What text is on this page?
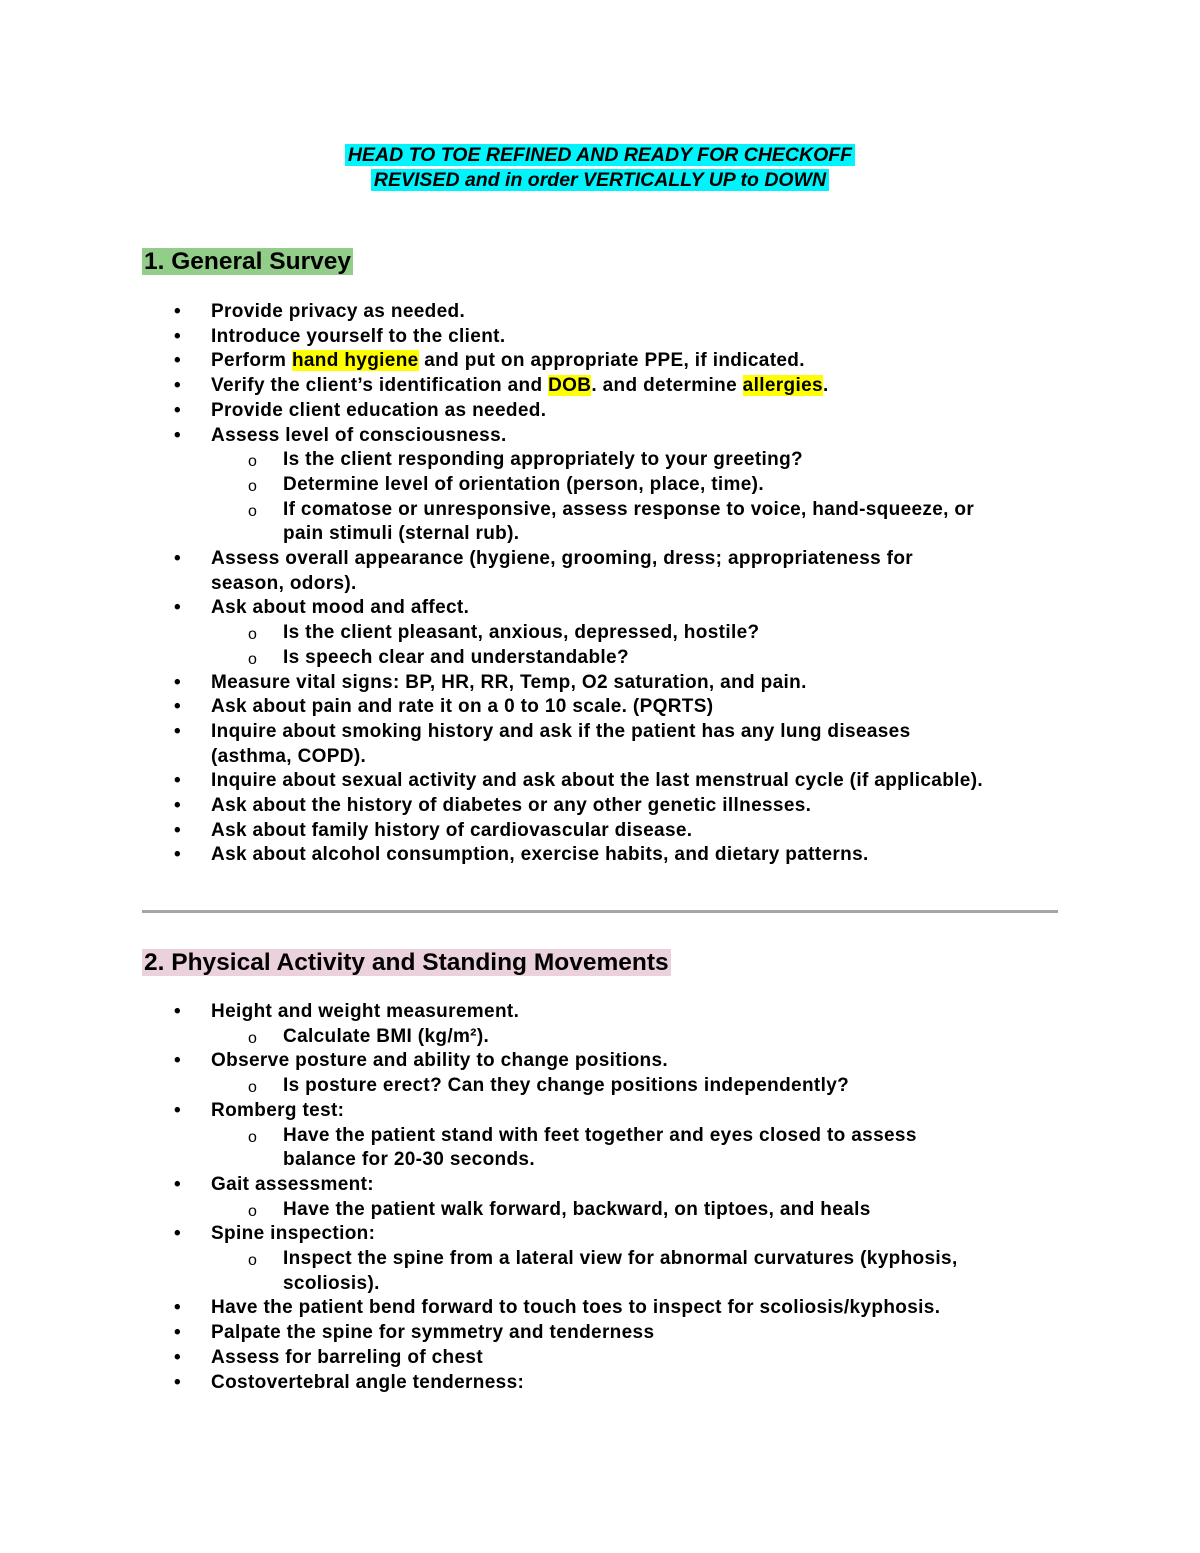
HEAD TO TOE REFINED AND READY FOR CHECKOFF
REVISED and in order VERTICALLY UP to DOWN
1. General Survey
• Provide privacy as needed.
• Introduce yourself to the client.
• Perform hand hygiene and put on appropriate PPE, if indicated.
• Verify the client’s identification and DOB. and determine allergies.
• Provide client education as needed.
• Assess level of consciousness.
o Is the client responding appropriately to your greeting?
o Determine level of orientation (person, place, time).
o If comatose or unresponsive, assess response to voice, hand-squeeze, or
pain stimuli (sternal rub).
• Assess overall appearance (hygiene, grooming, dress; appropriateness for
season, odors).
• Ask about mood and affect.
o Is the client pleasant, anxious, depressed, hostile?
o Is speech clear and understandable?
• Measure vital signs: BP, HR, RR, Temp, O2 saturation, and pain.
• Ask about pain and rate it on a 0 to 10 scale. (PQRTS)
• Inquire about smoking history and ask if the patient has any lung diseases
(asthma, COPD).
• Inquire about sexual activity and ask about the last menstrual cycle (if applicable).
• Ask about the history of diabetes or any other genetic illnesses.
• Ask about family history of cardiovascular disease.
• Ask about alcohol consumption, exercise habits, and dietary patterns.
2. Physical Activity and Standing Movements
• Height and weight measurement.
o Calculate BMI (kg/m²).
• Observe posture and ability to change positions.
o Is posture erect? Can they change positions independently?
• Romberg test:
o Have the patient stand with feet together and eyes closed to assess
balance for 20-30 seconds.
• Gait assessment:
o Have the patient walk forward, backward, on tiptoes, and heals
• Spine inspection:
o Inspect the spine from a lateral view for abnormal curvatures (kyphosis,
scoliosis).
• Have the patient bend forward to touch toes to inspect for scoliosis/kyphosis.
• Palpate the spine for symmetry and tenderness
• Assess for barreling of chest
• Costovertebral angle tenderness:
